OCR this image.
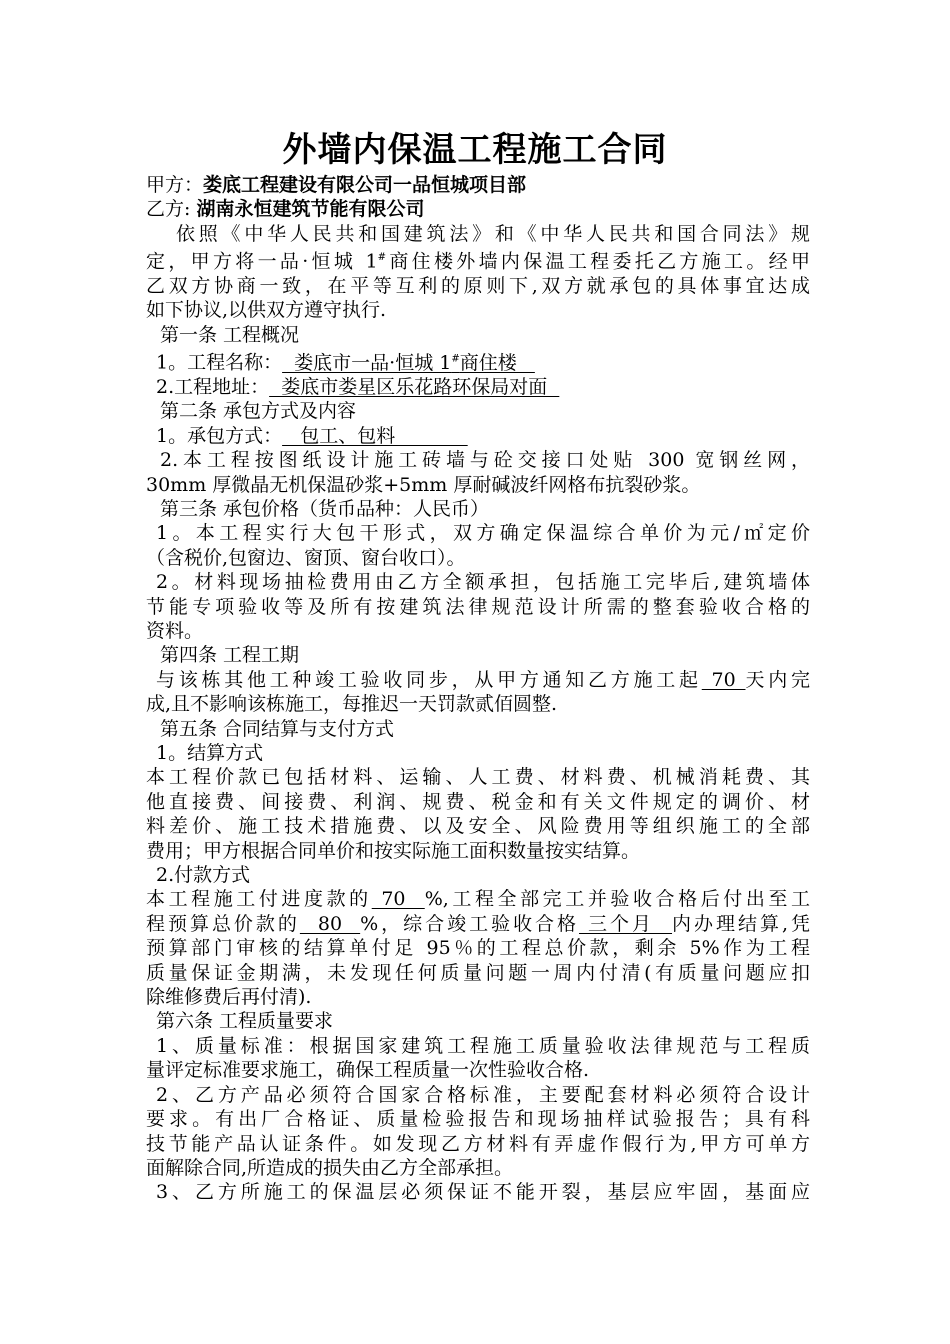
外墙内保温工程施工合同
甲方：娄底工程建设有限公司一品恒城项目部
乙方: 湖南永恒建筑节能有限公司
依照《中华人民共和国建筑法》和《中华人民共和国合同法》规
定，甲方将一品·恒城 1#商住楼外墙内保温工程委托乙方施工。经甲
乙双方协商一致，在平等互利的原则下,双方就承包的具体事宜达成
如下协议,以供双方遵守执行.
第一条 工程概况
1。工程名称：  娄底市一品·恒城 1#商住楼
2.工程地址：  娄底市娄星区乐花路环保局对面
第二条 承包方式及内容
1。承包方式：   包工、包料
2.本工程按图纸设计施工砖墙与砼交接口处贴 300 宽钢丝网，
30mm 厚微晶无机保温砂浆+5mm 厚耐碱波纤网格布抗裂砂浆。
第三条 承包价格（货币品种：人民币）
1。本工程实行大包干形式，双方确定保温综合单价为元/㎡定价
（含税价,包窗边、窗顶、窗台收口）。
2。材料现场抽检费用由乙方全额承担，包括施工完毕后,建筑墙体
节能专项验收等及所有按建筑法律规范设计所需的整套验收合格的
资料。
第四条 工程工期
与该栋其他工种竣工验收同步，从甲方通知乙方施工起 70 天内完
成,且不影响该栋施工，每推迟一天罚款贰佰圆整.
第五条 合同结算与支付方式
1。结算方式
本工程价款已包括材料、运输、人工费、材料费、机械消耗费、其
他直接费、间接费、利润、规费、税金和有关文件规定的调价、材
料差价、施工技术措施费、以及安全、风险费用等组织施工的全部
费用；甲方根据合同单价和按实际施工面积数量按实结算。
2.付款方式
本工程施工付进度款的 70  %,工程全部完工并验收合格后付出至工
程预算总价款的  80  %，综合竣工验收合格 三个月  内办理结算,凭
预算部门审核的结算单付足 95％的工程总价款，剩余 5%作为工程
质量保证金期满，未发现任何质量问题一周内付清(有质量问题应扣
除维修费后再付清).
第六条 工程质量要求
1、质量标准：根据国家建筑工程施工质量验收法律规范与工程质
量评定标准要求施工，确保工程质量一次性验收合格.
2、乙方产品必须符合国家合格标准，主要配套材料必须符合设计
要求。有出厂合格证、质量检验报告和现场抽样试验报告；具有科
技节能产品认证条件。如发现乙方材料有弄虚作假行为,甲方可单方
面解除合同,所造成的损失由乙方全部承担。
3、乙方所施工的保温层必须保证不能开裂，基层应牢固，基面应
